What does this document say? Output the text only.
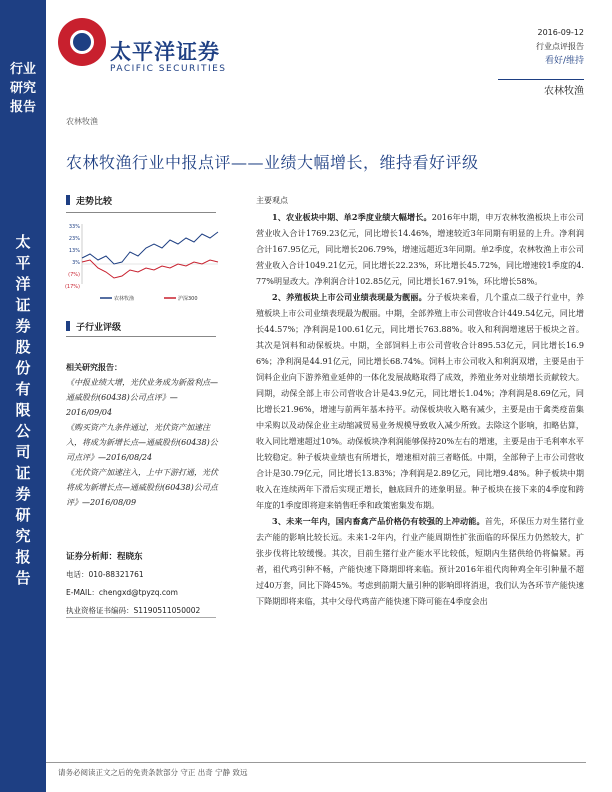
行业研究报告
太平洋证券股份有限公司证券研究报告
太平洋证券
PACIFIC SECURITIES
2016-09-12
行业点评报告
看好/维持
农林牧渔
农林牧渔
农林牧渔行业中报点评——业绩大幅增长，维持看好评级
走势比较
33%
23%
13%
3%
(7%)
(17%)
农林牧渔	沪深300
子行业评级
相关研究报告：

《中报业绩大增，光伏业务成为新盈利点—通威股份(60438)公司点评》—2016/09/04

《购买资产九条件通过，光伏资产加速注入，将成为新增长点—通威股份(60438)公司点评》—2016/08/24

《光伏资产加速注入，上中下游打通，光伏将成为新增长点—通威股份(60438)公司点评》—2016/08/09

证券分析师：程晓东
电话：010-88321761
E-MAIL：chengxd@tpyzq.com
执业资格证书编码：S1190511050002
主要观点

1、农业板块中期、单2季度业绩大幅增长。2016年中期，申万农林牧渔板块上市公司营业收入合计1769.23亿元，同比增长14.46%，增速较近3年同期有明显的上升。净利润合计167.95亿元，同比增长206.79%，增速远超近3年同期。单2季度，农林牧渔上市公司营业收入合计1049.21亿元，同比增长22.23%，环比增长45.72%，同比增速较1季度的4.77%明显改大。净利润合计102.85亿元，同比增长167.91%，环比增长58%。

2、养殖板块上市公司业绩表现最为靓丽。分子板块来看，几个重点二级子行业中，养殖板块上市公司业绩表现最为靓丽。中期，全部养殖上市公司营收合计449.54亿元，同比增长44.57%；净利润是100.61亿元，同比增长763.88%。收入和利润增速居于板块之首。其次是饲料和动保板块。中期，全部饲料上市公司营收合计895.53亿元，同比增长16.96%；净利润是44.91亿元，同比增长68.74%。饲料上市公司收入和利润双增，主要是由于饲料企业向下游养殖业延伸的一体化发展战略取得了成效，养殖业务对业绩增长贡献较大。同期，动保全部上市公司营收合计是43.9亿元，同比增长1.04%；净利润是8.69亿元，同比增长21.96%，增速与前两年基本持平。动保板块收入略有减少，主要是由于禽类疫苗集中采购以及动保企业主动缩减贸易业务规模导致收入减少所致。去除这个影响，扣略估算，收入同比增速超过10%。动保板块净利润能够保持20%左右的增速，主要是由于毛利率水平比较稳定。种子板块业绩也有所增长，增速相对前三者略低。中期，全部种子上市公司营收合计是30.79亿元，同比增长13.83%；净利润是2.89亿元，同比增9.48%。种子板块中期收入在连续两年下滑后实现正增长，触底回升的迹象明显。种子板块在接下来的4季度和跨年度的1季度即将迎来销售旺季和政策密集发布期。

3、未来一年内，国内畜禽产品价格仍有较强的上冲动能。首先，环保压力对生猪行业去产能的影响比较长远。未来1-2年内，行业产能周期性扩张面临的环保压力仍然较大，扩张步伐将比较缓慢。其次，目前生猪行业产能水平比较低，短期内生猪供给仍将偏紧。再者，祖代鸡引种不畅，产能快速下降期即将来临。预计2016年祖代肉种鸡全年引种量不超过40万套，同比下降45%。考虑到前期大量引种的影响即将消退，我们认为各环节产能快速下降期即将来临，其中父母代鸡苗产能快速下降可能在4季度会出

请务必阅读正文之后的免责条款部分 守正 出奇 宁静 致远
